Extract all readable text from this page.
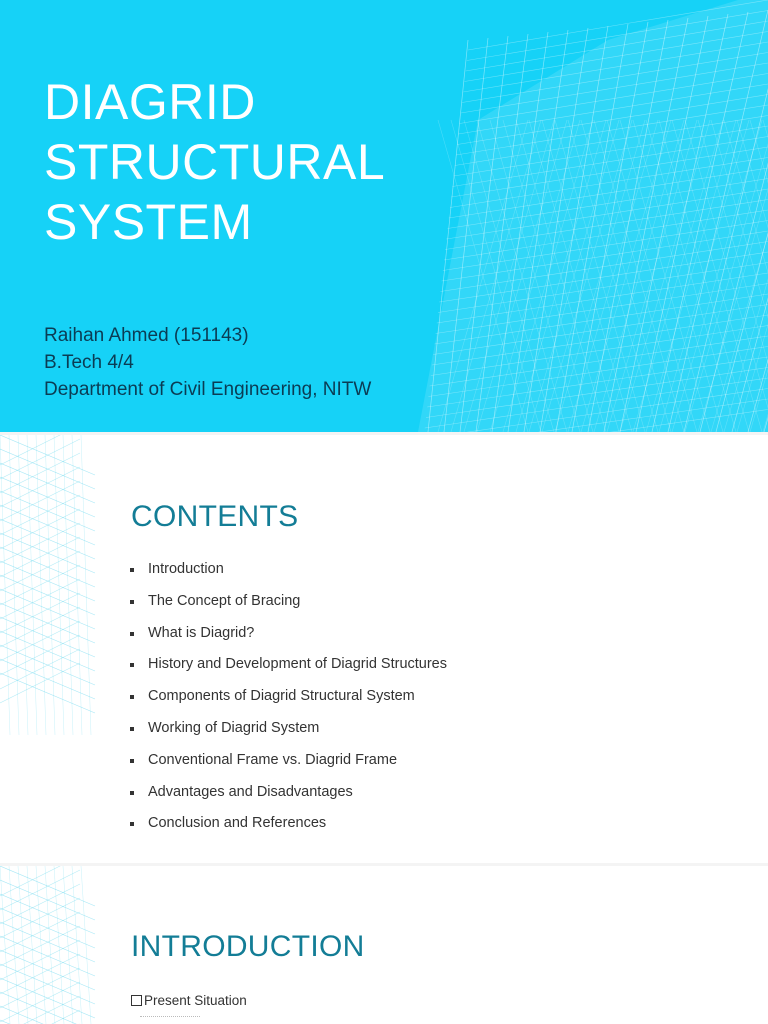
DIAGRID
STRUCTURAL
SYSTEM
Raihan Ahmed (151143)
B.Tech 4/4
Department of Civil Engineering, NITW
CONTENTS
Introduction
The Concept of Bracing
What is Diagrid?
History and Development of Diagrid Structures
Components of Diagrid Structural System
Working of Diagrid System
Conventional Frame vs. Diagrid Frame
Advantages and Disadvantages
Conclusion and References
INTRODUCTION
Present Situation
